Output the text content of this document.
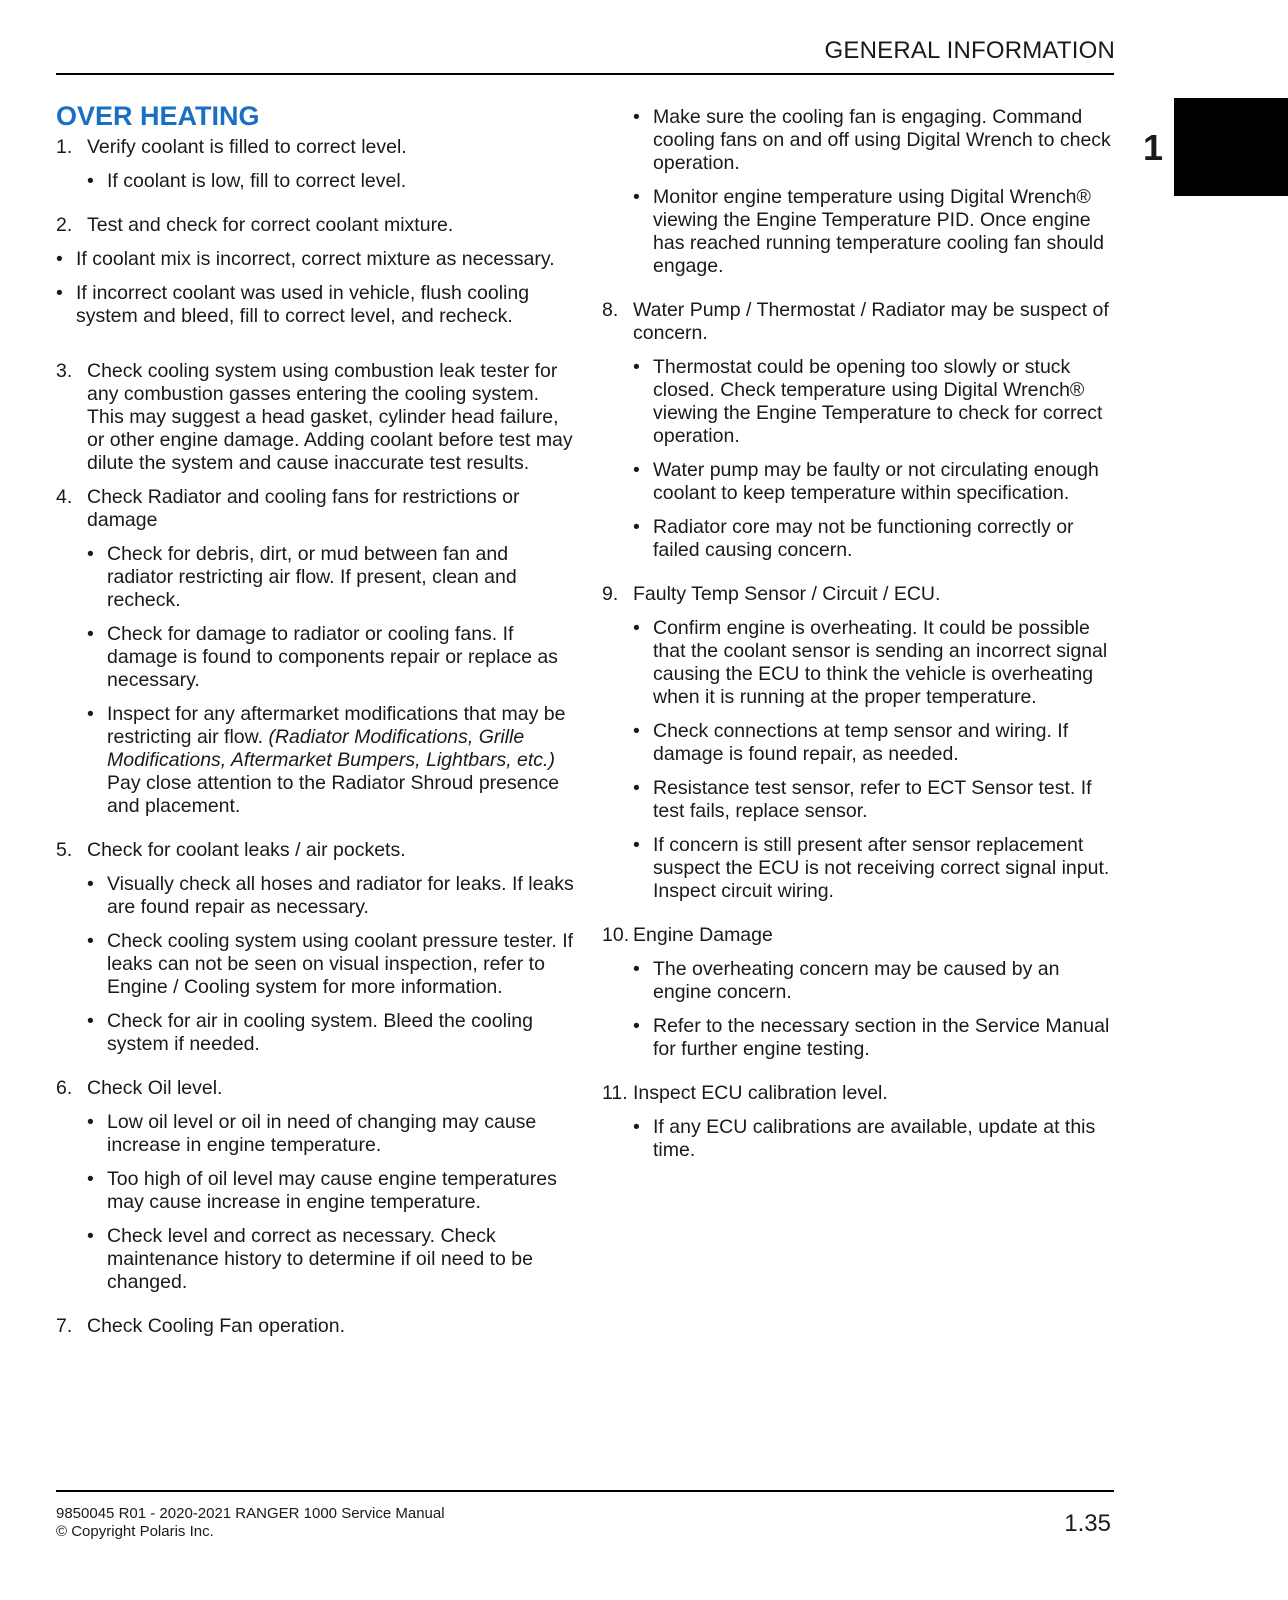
GENERAL INFORMATION
1
OVER HEATING
1. Verify coolant is filled to correct level.
• If coolant is low, fill to correct level.
2. Test and check for correct coolant mixture.
• If coolant mix is incorrect, correct mixture as necessary.
• If incorrect coolant was used in vehicle, flush cooling system and bleed, fill to correct level, and recheck.
3. Check cooling system using combustion leak tester for any combustion gasses entering the cooling system. This may suggest a head gasket, cylinder head failure, or other engine damage. Adding coolant before test may dilute the system and cause inaccurate test results.
4. Check Radiator and cooling fans for restrictions or damage
• Check for debris, dirt, or mud between fan and radiator restricting air flow. If present, clean and recheck.
• Check for damage to radiator or cooling fans. If damage is found to components repair or replace as necessary.
• Inspect for any aftermarket modifications that may be restricting air flow. (Radiator Modifications, Grille Modifications, Aftermarket Bumpers, Lightbars, etc.) Pay close attention to the Radiator Shroud presence and placement.
5. Check for coolant leaks / air pockets.
• Visually check all hoses and radiator for leaks. If leaks are found repair as necessary.
• Check cooling system using coolant pressure tester. If leaks can not be seen on visual inspection, refer to Engine / Cooling system for more information.
• Check for air in cooling system. Bleed the cooling system if needed.
6. Check Oil level.
• Low oil level or oil in need of changing may cause increase in engine temperature.
• Too high of oil level may cause engine temperatures may cause increase in engine temperature.
• Check level and correct as necessary. Check maintenance history to determine if oil need to be changed.
7. Check Cooling Fan operation.
• Make sure the cooling fan is engaging. Command cooling fans on and off using Digital Wrench to check operation.
• Monitor engine temperature using Digital Wrench® viewing the Engine Temperature PID. Once engine has reached running temperature cooling fan should engage.
8. Water Pump / Thermostat / Radiator may be suspect of concern.
• Thermostat could be opening too slowly or stuck closed. Check temperature using Digital Wrench® viewing the Engine Temperature to check for correct operation.
• Water pump may be faulty or not circulating enough coolant to keep temperature within specification.
• Radiator core may not be functioning correctly or failed causing concern.
9. Faulty Temp Sensor / Circuit / ECU.
• Confirm engine is overheating. It could be possible that the coolant sensor is sending an incorrect signal causing the ECU to think the vehicle is overheating when it is running at the proper temperature.
• Check connections at temp sensor and wiring. If damage is found repair, as needed.
• Resistance test sensor, refer to ECT Sensor test. If test fails, replace sensor.
• If concern is still present after sensor replacement suspect the ECU is not receiving correct signal input. Inspect circuit wiring.
10. Engine Damage
• The overheating concern may be caused by an engine concern.
• Refer to the necessary section in the Service Manual for further engine testing.
11. Inspect ECU calibration level.
• If any ECU calibrations are available, update at this time.
9850045 R01 - 2020-2021 RANGER 1000 Service Manual
© Copyright Polaris Inc.	1.35
